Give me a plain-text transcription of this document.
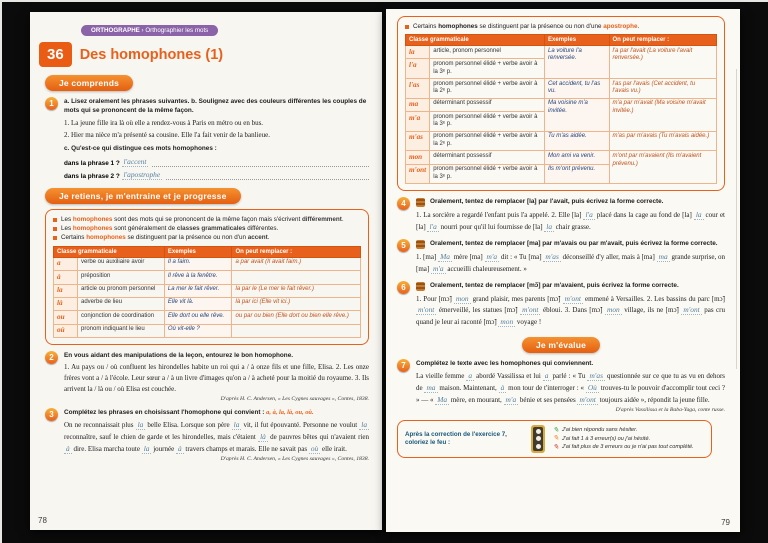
ORTHOGRAPHE › Orthographier les mots
36	Des homophones (1)
Je comprends
1	a. Lisez oralement les phrases suivantes. b. Soulignez avec des couleurs différentes les couples de mots qui se prononcent de la même façon.

1. La jeune fille ira là où elle a rendez-vous à Paris en métro ou en bus.

2. Hier ma nièce m'a présenté sa cousine. Elle l'a fait venir de la banlieue.

c. Qu'est-ce qui distingue ces mots homophones :

dans la phrase 1 ?
l'accent

dans la phrase 2 ?
l'apostrophe

Je retiens, je m'entraine et je progresse

Les homophones sont des mots qui se prononcent de la même façon mais s'écrivent différemment.

Les homophones sont généralement de classes grammaticales différentes.

Certains homophones se distinguent par la présence ou non d'un accent.

Classe grammaticale		Exemples	On peut remplacer :
a	verbe ou auxiliaire avoir	Il a faim.	a par avait (Il avait faim.)
à	préposition	Il rêve à la fenêtre.	
la	article ou pronom personnel	La mer le fait rêver.	la par le (Le mer le fait rêver.)
là	adverbe de lieu	Elle vit là.	là par ici (Elle vit ici.)
ou	conjonction de coordination	Elle dort ou elle rêve.	ou par ou bien (Elle dort ou bien elle rêve.)
où	pronom indiquant le lieu	Où vit-elle ?	
2	En vous aidant des manipulations de la leçon, entourez le bon homophone.

1. Au pays ou / où confluent les hirondelles habite un roi qui a / à onze fils et une fille, Elisa. 2. Les onze frères vont a / à l'école. Leur sœur a / à un livre d'images qu'on a / à acheté pour la moitié du royaume. 3. Ils arrivent la / là ou / où Elisa est couchée.

D'après H. C. Andersen, « Les Cygnes sauvages », Contes, 1838.

3	Complétez les phrases en choisissant l'homophone qui convient : a, à, la, là, ou, où.

On ne reconnaissait plus la belle Elisa. Lorsque son père la vit, il fut épouvanté. Personne ne voulut la reconnaître, sauf le chien de garde et les hirondelles, mais c'étaient là de pauvres bêtes qui n'avaient rien à dire. Elisa marcha toute la journée à travers champs et marais. Elle ne savait pas où elle irait.

D'après H. C. Andersen, « Les Cygnes sauvages », Contes, 1838.

78

Certains homophones se distinguent par la présence ou non d'une apostrophe.

Classe grammaticale		Exemples	On peut remplacer :
la	article, pronom personnel	La voiture l'a renversée.	l'a par l'avait (La voiture l'avait renversée.)
l'a	pronom personnel élidé + verbe avoir à la 3ᵉ p.		
l'as	pronom personnel élidé + verbe avoir à la 2ᵉ p.	Cet accident, tu l'as vu.	l'as par l'avais (Cet accident, tu l'avais vu.)
ma	déterminant possessif	Ma voisine m'a invitée.	m'a par m'avait (Ma voisine m'avait invitée.)
m'a	pronom personnel élidé + verbe avoir à la 3ᵉ p.		
m'as	pronom personnel élidé + verbe avoir à la 2ᵉ p.	Tu m'as aidée.	m'as par m'avais (Tu m'avais aidée.)
mon	déterminant possessif	Mon ami va venir.	m'ont par m'avaient (Ils m'avaient prévenu.)
m'ont	pronom personnel élidé + verbe avoir à la 3ᵉ p.	Ils m'ont prévenu.	
4	Oralement, tentez de remplacer [la] par l'avait, puis écrivez la forme correcte.

1. La sorcière a regardé l'enfant puis l'a appelé. 2. Elle [la] l'a placé dans la cage au fond de [la] la cour et [la] l'a nourri pour qu'il lui fournisse de [la] la chair grasse.

5	Oralement, tentez de remplacer [ma] par m'avais ou par m'avait, puis écrivez la forme correcte.

1. [ma] Ma mère [ma] m'a dit : « Tu [ma] m'as déconseillé d'y aller, mais à [ma] ma grande surprise, on [ma] m'a accueilli chaleureusement. »

6	Oralement, tentez de remplacer [mɔ̃] par m'avaient, puis écrivez la forme correcte.

1. Pour [mɔ̃] mon grand plaisir, mes parents [mɔ̃] m'ont emmené à Versailles. 2. Les bassins du parc [mɔ̃] m'ont émerveillé, les statues [mɔ̃] m'ont ébloui. 3. Dans [mɔ̃] mon village, ils ne [mɔ̃] m'ont pas cru quand je leur ai raconté [mɔ̃] mon voyage !

Je m'évalue
7	Complétez le texte avec les homophones qui conviennent.

La vieille femme a abordé Vassilissa et lui a parlé : « Tu m'as questionnée sur ce que tu as vu en dehors de ma maison. Maintenant, à mon tour de t'interroger : « Où trouves-tu le pouvoir d'accomplir tout ceci ? » — « Ma mère, en mourant, m'a bénie et ses pensées m'ont toujours aidée », répondit la jeune fille.

D'après Vassilissa et la Baba-Yaga, conte russe.

Après la correction de l'exercice 7, coloriez le feu :
✎ J'ai bien répondu sans hésiter.
✎ J'ai fait 1 à 3 erreur(s) ou j'ai hésité.
✎ J'ai fait plus de 3 erreurs ou je n'ai pas tout complété.
79
